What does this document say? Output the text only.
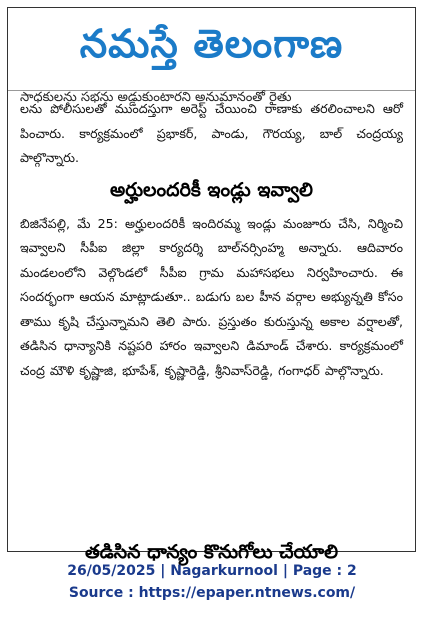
నమస్తే తెలంగాణ
సాధకులను సభను అడ్డుకుంటారని అనుమానంతో రైతు

లను పోలీసులతో ముందస్తుగా అరెస్ట్ చేయించి రాణాకు తరలించాలని ఆరో పించారు. కార్యక్రమంలో ప్రభాకర్, పాండు, గౌరయ్య, బాల్ చంద్రయ్య పాల్గొన్నారు.

అర్హులందరికీ ఇండ్లు ఇవ్వాలి

బిజినేపల్లి, మే 25: అర్హులందరికీ ఇందిరమ్మ ఇండ్లు మంజూరు చేసి, నిర్మించి ఇవ్వాలని సీపీఐ జిల్లా కార్యదర్శి బాల్‌నర్సింహ్మ అన్నారు. ఆదివారం మండలంలోని వెల్గొండలో సీపీఐ గ్రామ మహాసభలు నిర్వహించారు. ఈ సందర్భంగా ఆయన మాట్లాడుతూ.. బడుగు బల హీన వర్గాల అభ్యున్నతి కోసం తాము కృషి చేస్తున్నామని తెలి పారు. ప్రస్తుతం కురుస్తున్న అకాల వర్షాలతో, తడిసిన ధాన్యానికి నష్టపరి హారం ఇవ్వాలని డిమాండ్ చేశారు. కార్యక్రమంలో చంద్ర మౌళి కృష్ణాజి, భూపేశ్, కృష్ణారెడ్డి, శ్రీనివాస్‌రెడ్డి, గంగాధర్ పాల్గొన్నారు.

తడిసిన ధాన్యం కొనుగోలు చేయాలి
26/05/2025 | Nagarkurnool | Page : 2
Source : https://epaper.ntnews.com/
